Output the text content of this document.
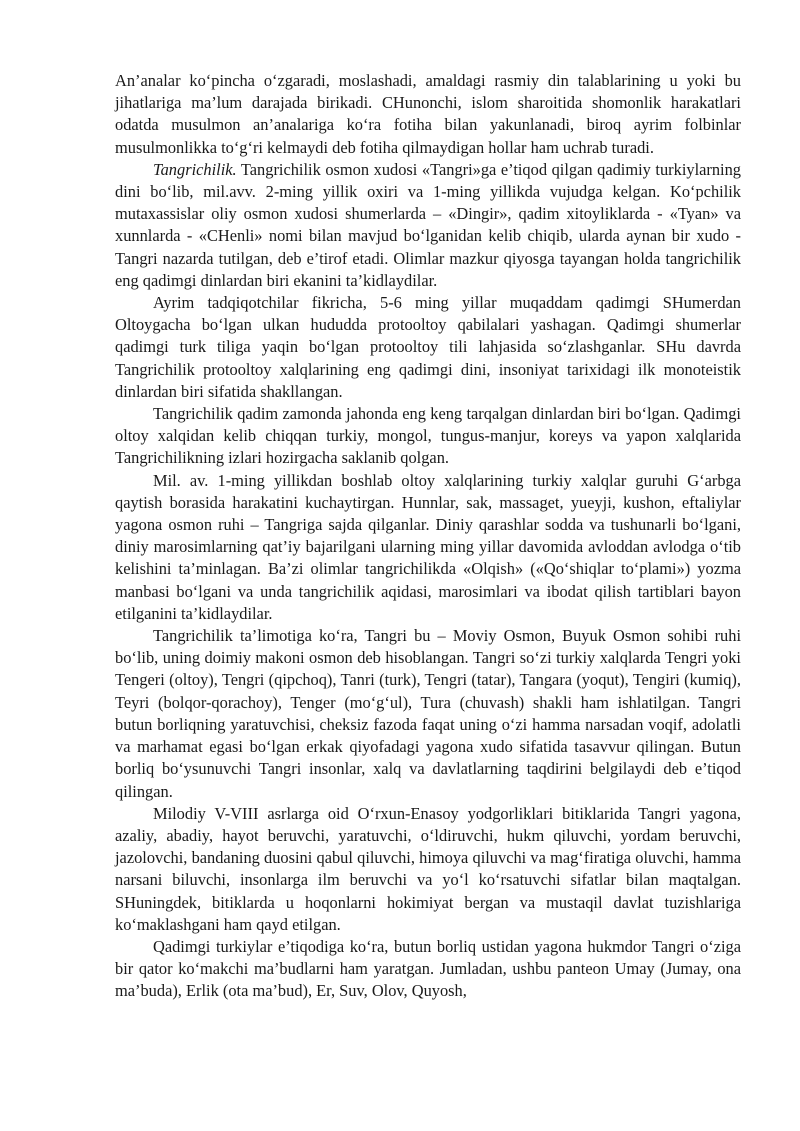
An’analar ko‘pincha o‘zgaradi, moslashadi, amaldagi rasmiy din talablarining u yoki bu jihatlariga ma’lum darajada birikadi. CHunonchi, islom sharoitida shomonlik harakatlari odatda musulmon an’analariga ko‘ra fotiha bilan yakunlanadi, biroq ayrim folbinlar musulmonlikka to‘g‘ri kelmaydi deb fotiha qilmaydigan hollar ham uchrab turadi.

Tangrichilik. Tangrichilik osmon xudosi «Tangri»ga e’tiqod qilgan qadimiy turkiylarning dini bo‘lib, mil.avv. 2-ming yillik oxiri va 1-ming yillikda vujudga kelgan. Ko‘pchilik mutaxassislar oliy osmon xudosi shumerlarda – «Dingir», qadim xitoyliklarda - «Tyan» va xunnlarda - «CHenli» nomi bilan mavjud bo‘lganidan kelib chiqib, ularda aynan bir xudo - Tangri nazarda tutilgan, deb e’tirof etadi. Olimlar mazkur qiyosga tayangan holda tangrichilik eng qadimgi dinlardan biri ekanini ta’kidlaydilar.

Ayrim tadqiqotchilar fikricha, 5-6 ming yillar muqaddam qadimgi SHumerdan Oltoygacha bo‘lgan ulkan hududda protooltoy qabilalari yashagan. Qadimgi shumerlar qadimgi turk tiliga yaqin bo‘lgan protooltoy tili lahjasida so‘zlashganlar. SHu davrda Tangrichilik protooltoy xalqlarining eng qadimgi dini, insoniyat tarixidagi ilk monoteistik dinlardan biri sifatida shakllangan.

Tangrichilik qadim zamonda jahonda eng keng tarqalgan dinlardan biri bo‘lgan. Qadimgi oltoy xalqidan kelib chiqqan turkiy, mongol, tungus-manjur, koreys va yapon xalqlarida Tangrichilikning izlari hozirgacha saklanib qolgan.

Mil. av. 1-ming yillikdan boshlab oltoy xalqlarining turkiy xalqlar guruhi G‘arbga qaytish borasida harakatini kuchaytirgan. Hunnlar, sak, massaget, yueyji, kushon, eftaliylar yagona osmon ruhi – Tangriga sajda qilganlar. Diniy qarashlar sodda va tushunarli bo‘lgani, diniy marosimlarning qat’iy bajarilgani ularning ming yillar davomida avloddan avlodga o‘tib kelishini ta’minlagan. Ba’zi olimlar tangrichilikda «Olqish» («Qo‘shiqlar to‘plami») yozma manbasi bo‘lgani va unda tangrichilik aqidasi, marosimlari va ibodat qilish tartiblari bayon etilganini ta’kidlaydilar.

Tangrichilik ta’limotiga ko‘ra, Tangri bu – Moviy Osmon, Buyuk Osmon sohibi ruhi bo‘lib, uning doimiy makoni osmon deb hisoblangan. Tangri so‘zi turkiy xalqlarda Tengri yoki Tengeri (oltoy), Tengri (qipchoq), Tanri (turk), Tengri (tatar), Tangara (yoqut), Tengiri (kumiq), Teyri (bolqor-qorachoy), Tenger (mo‘g‘ul), Tura (chuvash) shakli ham ishlatilgan. Tangri butun borliqning yaratuvchisi, cheksiz fazoda faqat uning o‘zi hamma narsadan voqif, adolatli va marhamat egasi bo‘lgan erkak qiyofadagi yagona xudo sifatida tasavvur qilingan. Butun borliq bo‘ysunuvchi Tangri insonlar, xalq va davlatlarning taqdirini belgilaydi deb e’tiqod qilingan.

Milodiy V-VIII asrlarga oid O‘rxun-Enasoy yodgorliklari bitiklarida Tangri yagona, azaliy, abadiy, hayot beruvchi, yaratuvchi, o‘ldiruvchi, hukm qiluvchi, yordam beruvchi, jazolovchi, bandaning duosini qabul qiluvchi, himoya qiluvchi va mag‘firatiga oluvchi, hamma narsani biluvchi, insonlarga ilm beruvchi va yo‘l ko‘rsatuvchi sifatlar bilan maqtalgan. SHuningdek, bitiklarda u hoqonlarni hokimiyat bergan va mustaqil davlat tuzishlariga ko‘maklashgani ham qayd etilgan.

Qadimgi turkiylar e’tiqodiga ko‘ra, butun borliq ustidan yagona hukmdor Tangri o‘ziga bir qator ko‘makchi ma’budlarni ham yaratgan. Jumladan, ushbu panteon Umay (Jumay, ona ma’buda), Erlik (ota ma’bud), Er, Suv, Olov, Quyosh,
